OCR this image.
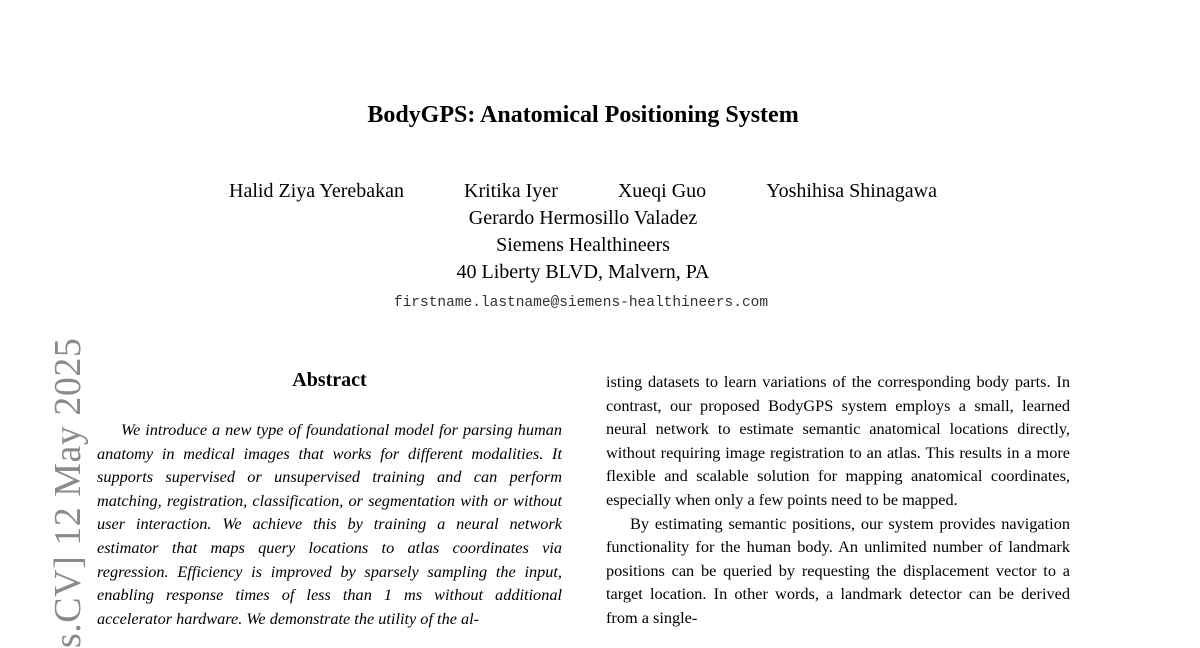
s.CV] 12 May 2025
BodyGPS: Anatomical Positioning System
Halid Ziya Yerebakan	Kritika Iyer	Xueqi Guo	Yoshihisa Shinagawa
Gerardo Hermosillo Valadez
Siemens Healthineers
40 Liberty BLVD, Malvern, PA
firstname.lastname@siemens-healthineers.com
Abstract
We introduce a new type of foundational model for parsing human anatomy in medical images that works for different modalities. It supports supervised or unsupervised training and can perform matching, registration, classification, or segmentation with or without user interaction. We achieve this by training a neural network estimator that maps query locations to atlas coordinates via regression. Efficiency is improved by sparsely sampling the input, enabling response times of less than 1 ms without additional accelerator hardware. We demonstrate the utility of the al-

isting datasets to learn variations of the corresponding body parts. In contrast, our proposed BodyGPS system employs a small, learned neural network to estimate semantic anatomical locations directly, without requiring image registration to an atlas. This results in a more flexible and scalable solution for mapping anatomical coordinates, especially when only a few points need to be mapped.

By estimating semantic positions, our system provides navigation functionality for the human body. An unlimited number of landmark positions can be queried by requesting the displacement vector to a target location. In other words, a landmark detector can be derived from a single-
